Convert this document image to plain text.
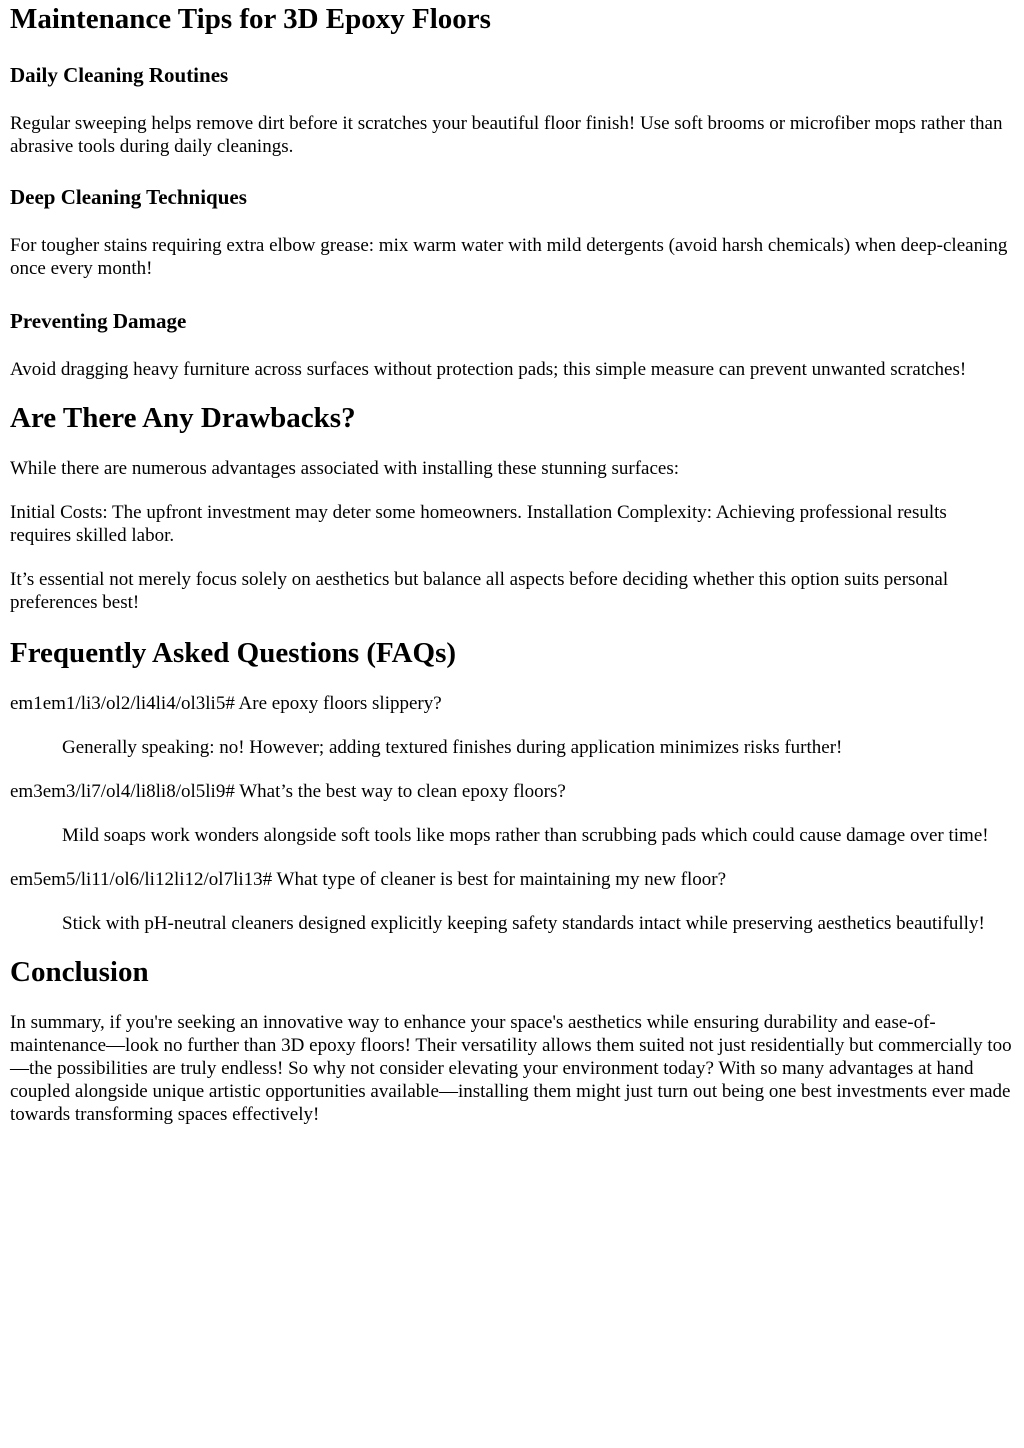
Maintenance Tips for 3D Epoxy Floors
Daily Cleaning Routines

Regular sweeping helps remove dirt before it scratches your beautiful floor finish! Use soft brooms or microfiber mops rather than abrasive tools during daily cleanings.

Deep Cleaning Techniques

For tougher stains requiring extra elbow grease: mix warm water with mild detergents (avoid harsh chemicals) when deep-cleaning once every month!

Preventing Damage

Avoid dragging heavy furniture across surfaces without protection pads; this simple measure can prevent unwanted scratches!

Are There Any Drawbacks?

While there are numerous advantages associated with installing these stunning surfaces:

Initial Costs: The upfront investment may deter some homeowners. Installation Complexity: Achieving professional results requires skilled labor.

It’s essential not merely focus solely on aesthetics but balance all aspects before deciding whether this option suits personal preferences best!

Frequently Asked Questions (FAQs)

em1em1/li3/ol2/li4li4/ol3li5# Are epoxy floors slippery?

Generally speaking: no! However; adding textured finishes during application minimizes risks further!

em3em3/li7/ol4/li8li8/ol5li9# What’s the best way to clean epoxy floors?

Mild soaps work wonders alongside soft tools like mops rather than scrubbing pads which could cause damage over time!

em5em5/li11/ol6/li12li12/ol7li13# What type of cleaner is best for maintaining my new floor?

Stick with pH-neutral cleaners designed explicitly keeping safety standards intact while preserving aesthetics beautifully!

Conclusion

In summary, if you're seeking an innovative way to enhance your space's aesthetics while ensuring durability and ease-of-maintenance—look no further than 3D epoxy floors! Their versatility allows them suited not just residentially but commercially too—the possibilities are truly endless! So why not consider elevating your environment today? With so many advantages at hand coupled alongside unique artistic opportunities available—installing them might just turn out being one best investments ever made towards transforming spaces effectively!
